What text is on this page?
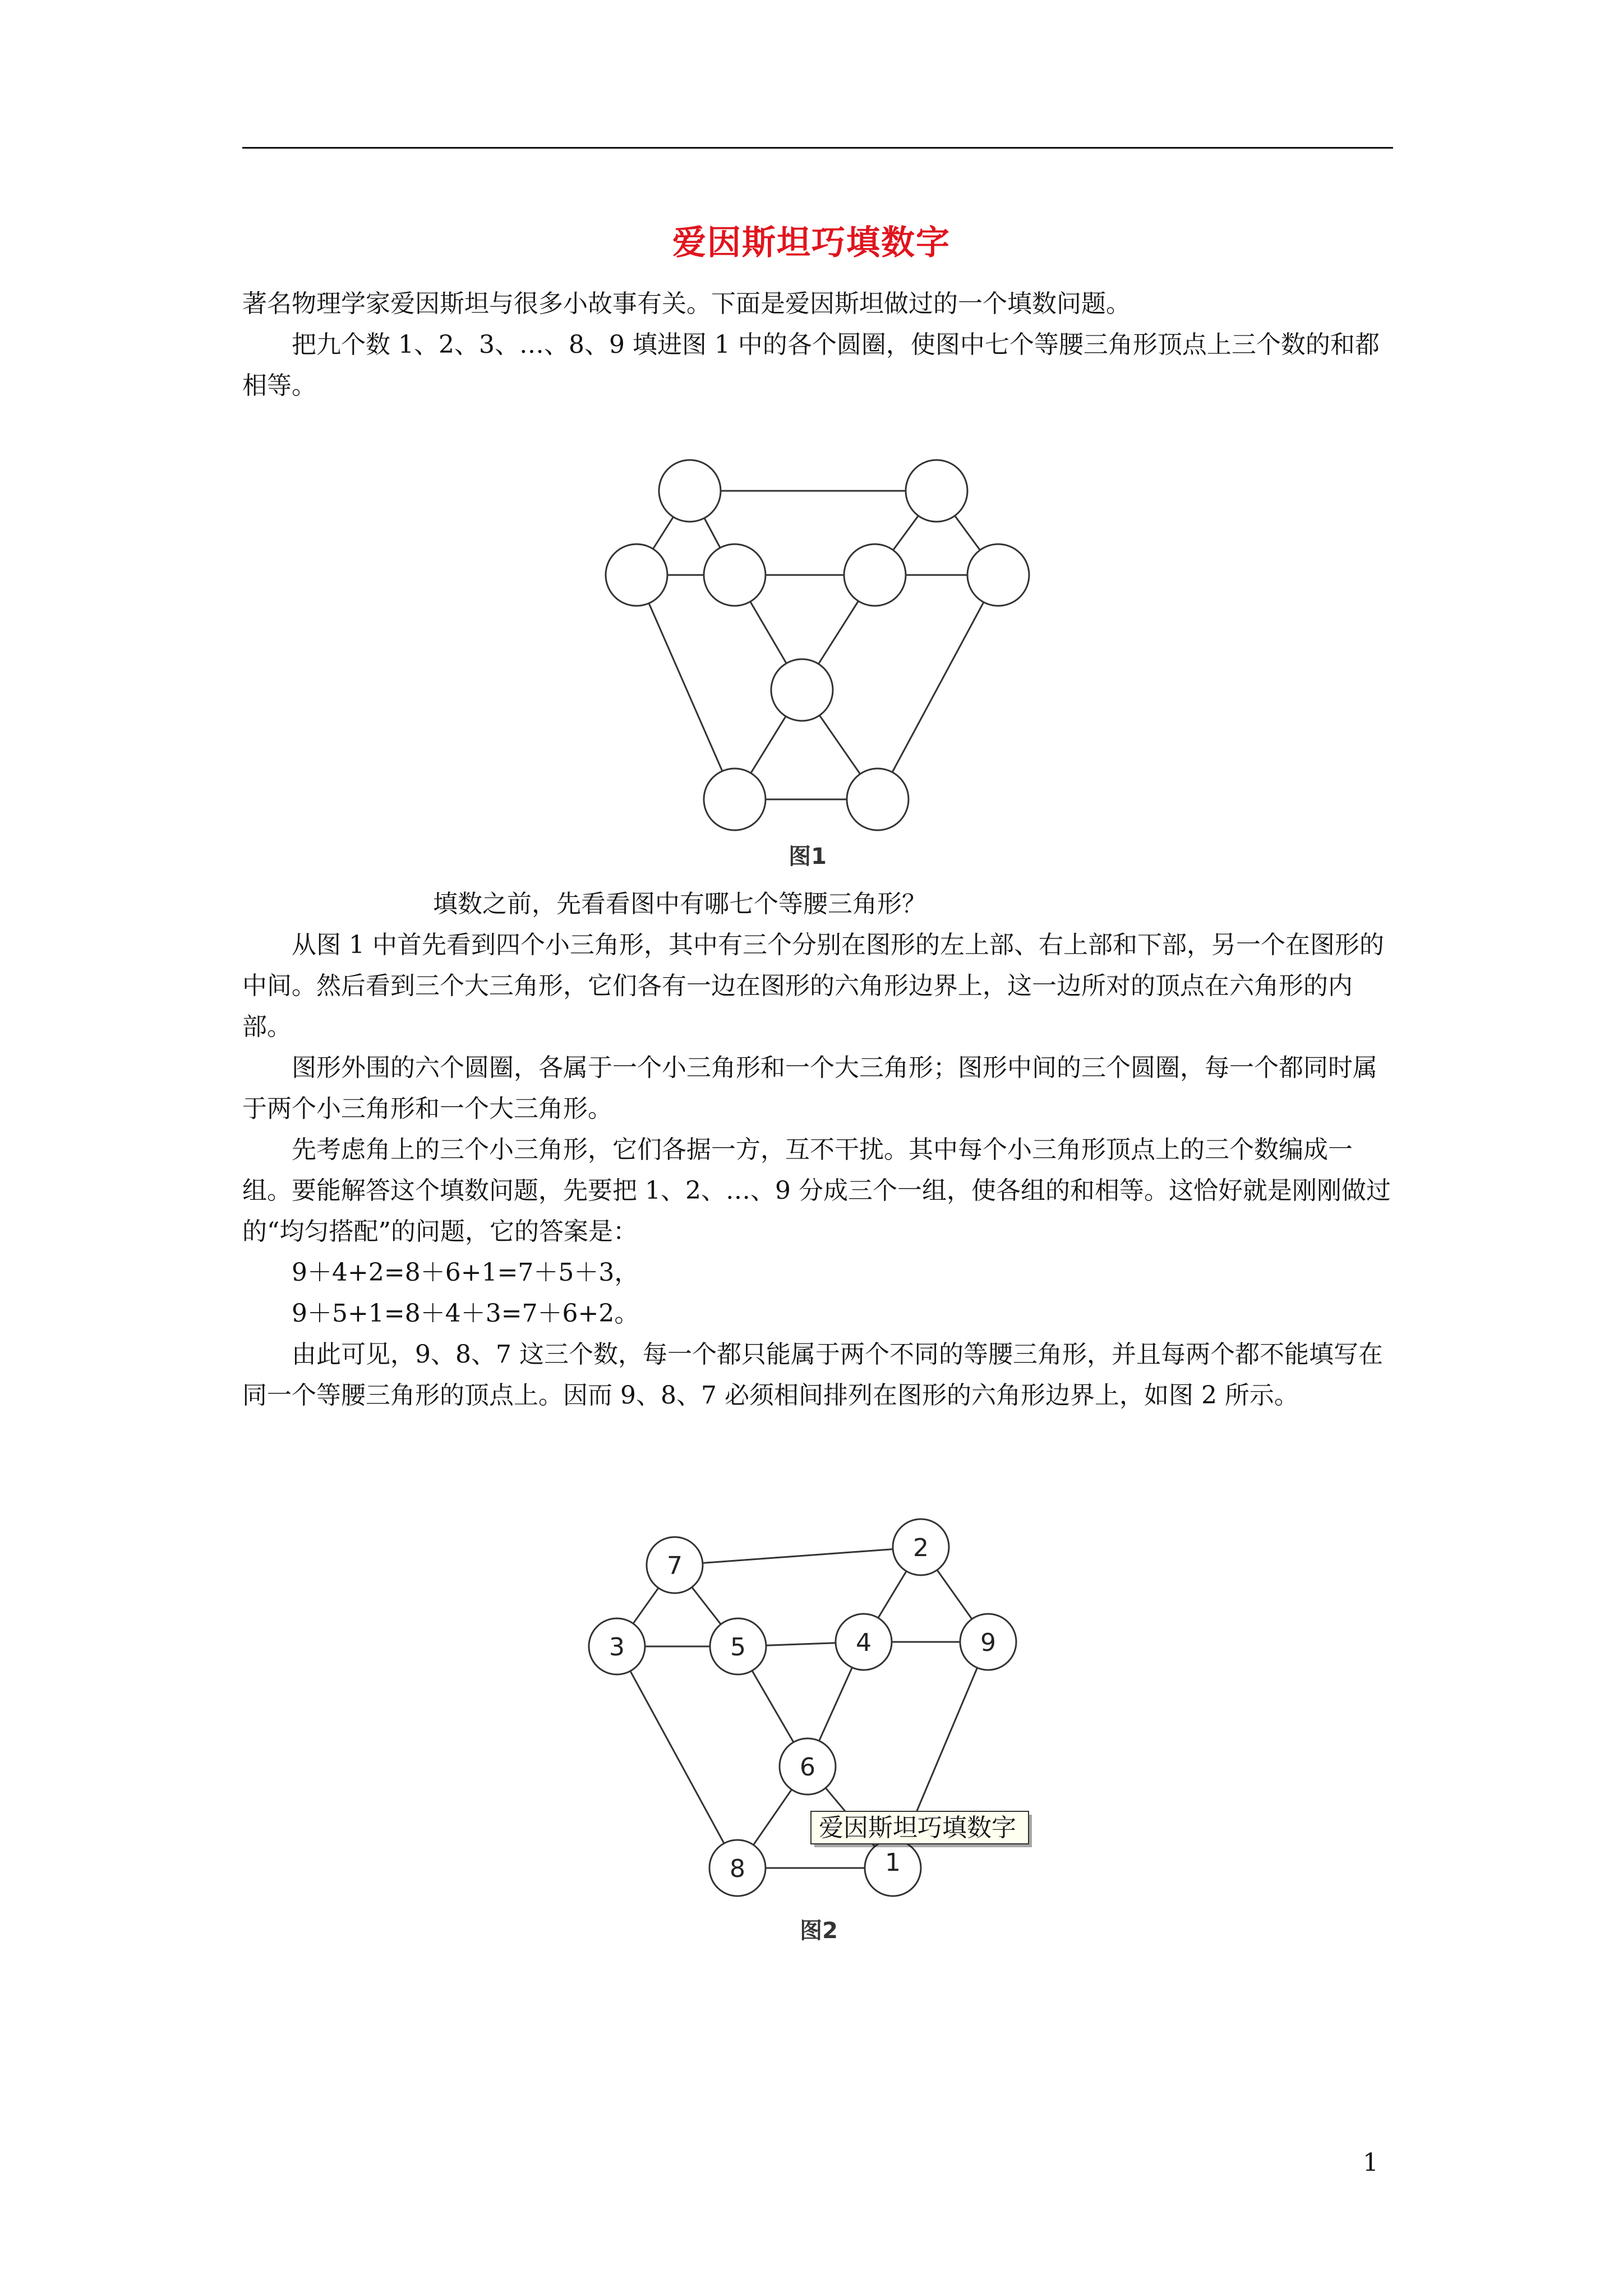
爱因斯坦巧填数字

著名物理学家爱因斯坦与很多小故事有关。下面是爱因斯坦做过的一个填数问题。

把九个数 1、2、3、…、8、9 填进图 1 中的各个圆圈，使图中七个等腰三角形顶点上三个数的和都相等。

图1

填数之前，先看看图中有哪七个等腰三角形？

从图 1 中首先看到四个小三角形，其中有三个分别在图形的左上部、右上部和下部，另一个在图形的中间。然后看到三个大三角形，它们各有一边在图形的六角形边界上，这一边所对的顶点在六角形的内部。

图形外围的六个圆圈，各属于一个小三角形和一个大三角形；图形中间的三个圆圈，每一个都同时属于两个小三角形和一个大三角形。

先考虑角上的三个小三角形，它们各据一方，互不干扰。其中每个小三角形顶点上的三个数编成一组。要能解答这个填数问题，先要把 1、2、…、9 分成三个一组，使各组的和相等。这恰好就是刚刚做过的“均匀搭配”的问题，它的答案是：

9＋4+2=8＋6+1=7＋5＋3，

9＋5+1=8＋4＋3=7＋6+2。

由此可见，9、8、7 这三个数，每一个都只能属于两个不同的等腰三角形，并且每两个都不能填写在同一个等腰三角形的顶点上。因而 9、8、7 必须相间排列在图形的六角形边界上，如图 2 所示。

7
2
3	5	4	9
6
8	1
爱因斯坦巧填数字
图2
1
